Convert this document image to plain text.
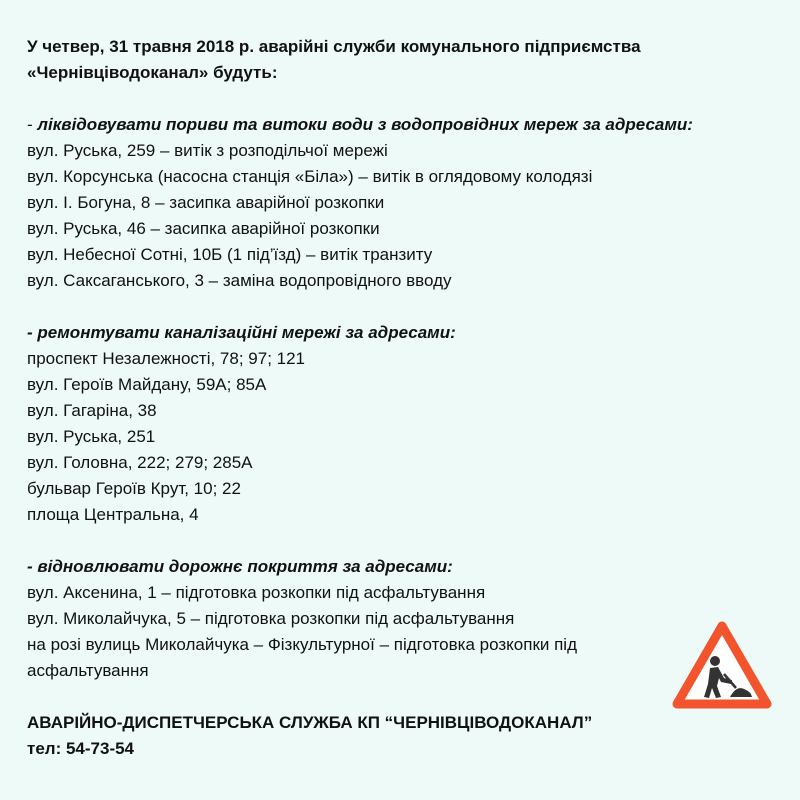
У четвер, 31 травня 2018 р. аварійні служби комунального підприємства
«Чернівціводоканал» будуть:
- ліквідовувати пориви та витоки води з водопровідних мереж за адресами:
вул. Руська, 259 – витік з розподільчої мережі
вул. Корсунська (насосна станція «Біла») – витік в оглядовому колодязі
вул. І. Богуна, 8 – засипка аварійної розкопки
вул. Руська, 46 – засипка аварійної розкопки
вул. Небесної Сотні, 10Б (1 під’їзд) – витік транзиту
вул. Саксаганського, 3 – заміна водопровідного вводу
- ремонтувати каналізаційні мережі за адресами:
проспект Незалежності, 78; 97; 121
вул. Героїв Майдану, 59А; 85А
вул. Гагаріна, 38
вул. Руська, 251
вул. Головна, 222; 279; 285А
бульвар Героїв Крут, 10; 22
площа Центральна, 4
- відновлювати дорожнє покриття за адресами:
вул. Аксенина, 1 – підготовка розкопки під асфальтування
вул. Миколайчука, 5 – підготовка розкопки під асфальтування
на розі вулиць Миколайчука – Фізкультурної – підготовка розкопки під асфальтування
АВАРІЙНО-ДИСПЕТЧЕРСЬКА СЛУЖБА КП “ЧЕРНІВЦІВОДОКАНАЛ”
тел: 54-73-54
